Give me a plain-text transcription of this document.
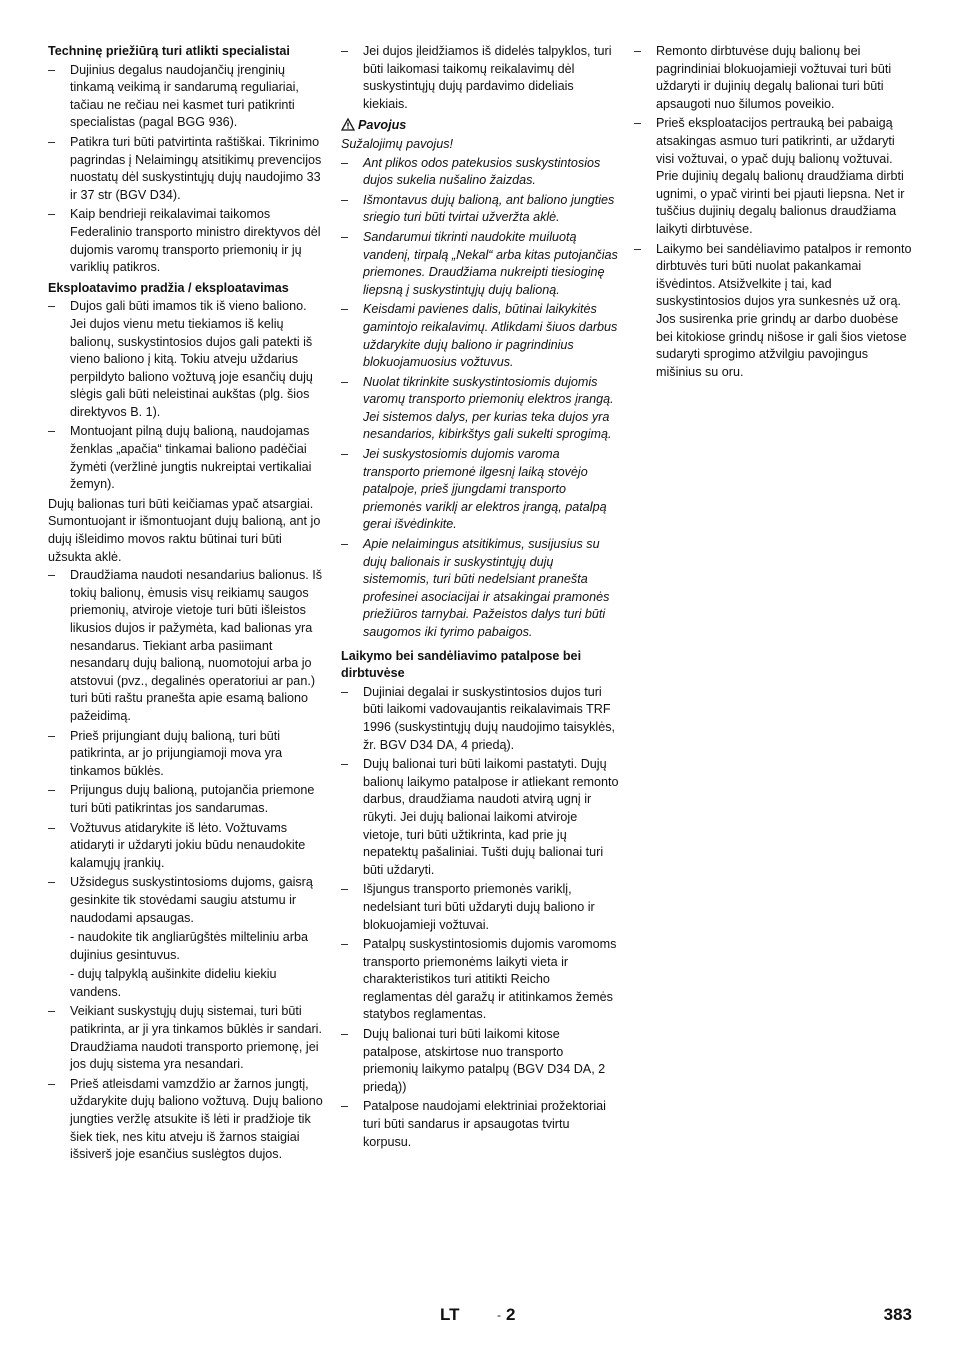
Techninę priežiūrą turi atlikti specialistai
– Dujinius degalus naudojančių įrenginių tinkamą veikimą ir sandarumą reguliariai, tačiau ne rečiau nei kasmet turi patikrinti specialistas (pagal BGG 936).
– Patikra turi būti patvirtinta raštiškai. Tikrinimo pagrindas į Nelaimingų atsitikimų prevencijos nuostatų dėl suskystintųjų dujų naudojimo 33 ir 37 str (BGV D34).
– Kaip bendrieji reikalavimai taikomos Federalinio transporto ministro direktyvos dėl dujomis varomų transporto priemonių ir jų variklių patikros.
Eksploatavimo pradžia / eksploatavimas
– Dujos gali būti imamos tik iš vieno baliono. Jei dujos vienu metu tiekiamos iš kelių balionų, suskystintosios dujos gali patekti iš vieno baliono į kitą. Tokiu atveju uždarius perpildyto baliono vožtuvą joje esančių dujų slėgis gali būti neleistinai aukštas (plg. šios direktyvos B. 1).
– Montuojant pilną dujų balioną, naudojamas ženklas „apačia“ tinkamai baliono padėčiai žymėti (veržlinė jungtis nukreiptai vertikaliai žemyn).
Dujų balionas turi būti keičiamas ypač atsargiai. Sumontuojant ir išmontuojant dujų balioną, ant jo dujų išleidimo movos raktu būtinai turi būti užsukta aklė.
– Draudžiama naudoti nesandarius balionus. Iš tokių balionų, ėmusis visų reikiamų saugos priemonių, atviroje vietoje turi būti išleistos likusios dujos ir pažymėta, kad balionas yra nesandarus. Tiekiant arba pasiimant nesandarų dujų balioną, nuomotojui arba jo atstovui (pvz., degalinės operatoriui ar pan.) turi būti raštu pranešta apie esamą baliono pažeidimą.
– Prieš prijungiant dujų balioną, turi būti patikrinta, ar jo prijungiamoji mova yra tinkamos būklės.
– Prijungus dujų balioną, putojančia priemone turi būti patikrintas jos sandarumas.
– Vožtuvus atidarykite iš lėto. Vožtuvams atidaryti ir uždaryti jokiu būdu nenaudokite kalamųjų įrankių.
– Užsidegus suskystintosioms dujoms, gaisrą gesinkite tik stovėdami saugiu atstumu ir naudodami apsaugas.
- naudokite tik angliarūgštės milteliniu arba dujinius gesintuvus.
- dujų talpyklą aušinkite dideliu kiekiu vandens.
– Veikiant suskystųjų dujų sistemai, turi būti patikrinta, ar ji yra tinkamos būklės ir sandari. Draudžiama naudoti transporto priemonę, jei jos dujų sistema yra nesandari.
– Prieš atleisdami vamzdžio ar žarnos jungtį, uždarykite dujų baliono vožtuvą. Dujų baliono jungties veržlę atsukite iš lėti ir pradžioje tik šiek tiek, nes kitu atveju iš žarnos staigiai išsiverš joje esančius suslėgtos dujos.
– Jei dujos įleidžiamos iš didelės talpyklos, turi būti laikomasi taikomų reikalavimų dėl suskystintųjų dujų pardavimo dideliais kiekiais.
Pavojus
Sužalojimų pavojus!
– Ant plikos odos patekusios suskystintosios dujos sukelia nušalino žaizdas.
– Išmontavus dujų balioną, ant baliono jungties sriegio turi būti tvirtai užveržta aklė.
– Sandarumui tikrinti naudokite muiluotą vandenį, tirpalą „Nekal“ arba kitas putojančias priemones. Draudžiama nukreipti tiesioginę liepsną į suskystintųjų dujų balioną.
– Keisdami pavienes dalis, būtinai laikykitės gamintojo reikalavimų. Atlikdami šiuos darbus uždarykite dujų baliono ir pagrindinius blokuojamuosius vožtuvus.
– Nuolat tikrinkite suskystintosiomis dujomis varomų transporto priemonių elektros įrangą. Jei sistemos dalys, per kurias teka dujos yra nesandarios, kibirkštys gali sukelti sprogimą.
– Jei suskystosiomis dujomis varoma transporto priemonė ilgesnį laiką stovėjo patalpoje, prieš įjungdami transporto priemonės variklį ar elektros įrangą, patalpą gerai išvėdinkite.
– Apie nelaimingus atsitikimus, susijusius su dujų balionais ir suskystintųjų dujų sistemomis, turi būti nedelsiant pranešta profesinei asociacijai ir atsakingai pramonės priežiūros tarnybai. Pažeistos dalys turi būti saugomos iki tyrimo pabaigos.
Laikymo bei sandėliavimo patalpose bei dirbtuvėse
– Dujiniai degalai ir suskystintosios dujos turi būti laikomi vadovaujantis reikalavimais TRF 1996 (suskystintųjų dujų naudojimo taisyklės, žr. BGV D34 DA, 4 priedą).
– Dujų balionai turi būti laikomi pastatyti. Dujų balionų laikymo patalpose ir atliekant remonto darbus, draudžiama naudoti atvirą ugnį ir rūkyti. Jei dujų balionai laikomi atviroje vietoje, turi būti užtikrinta, kad prie jų nepatektų pašaliniai. Tušti dujų balionai turi būti uždaryti.
– Išjungus transporto priemonės variklį, nedelsiant turi būti uždaryti dujų baliono ir blokuojamieji vožtuvai.
– Patalpų suskystintosiomis dujomis varomoms transporto priemonėms laikyti vieta ir charakteristikos turi atitikti Reicho reglamentas dėl garažų ir atitinkamos žemės statybos reglamentas.
– Dujų balionai turi būti laikomi kitose patalpose, atskirtose nuo transporto priemonių laikymo patalpų (BGV D34 DA, 2 priedą))
– Patalpose naudojami elektriniai prožektoriai turi būti sandarus ir apsaugotas tvirtu korpusu.
– Remonto dirbtuvėse dujų balionų bei pagrindiniai blokuojamieji vožtuvai turi būti uždaryti ir dujinių degalų balionai turi būti apsaugoti nuo šilumos poveikio.
– Prieš eksploatacijos pertrauką bei pabaigą atsakingas asmuo turi patikrinti, ar uždaryti visi vožtuvai, o ypač dujų balionų vožtuvai. Prie dujinių degalų balionų draudžiama dirbti ugnimi, o ypač virinti bei pjauti liepsna. Net ir tuščius dujinių degalų balionus draudžiama laikyti dirbtuvėse.
– Laikymo bei sandėliavimo patalpos ir remonto dirbtuvės turi būti nuolat pakankamai išvėdintos. Atsižvelkite į tai, kad suskystintosios dujos yra sunkesnės už orą. Jos susirenka prie grindų ar darbo duobėse bei kitokiose grindų nišose ir gali šios vietose sudaryti sprogimo atžvilgiu pavojingus mišinius su oru.
LT	- 2	383
